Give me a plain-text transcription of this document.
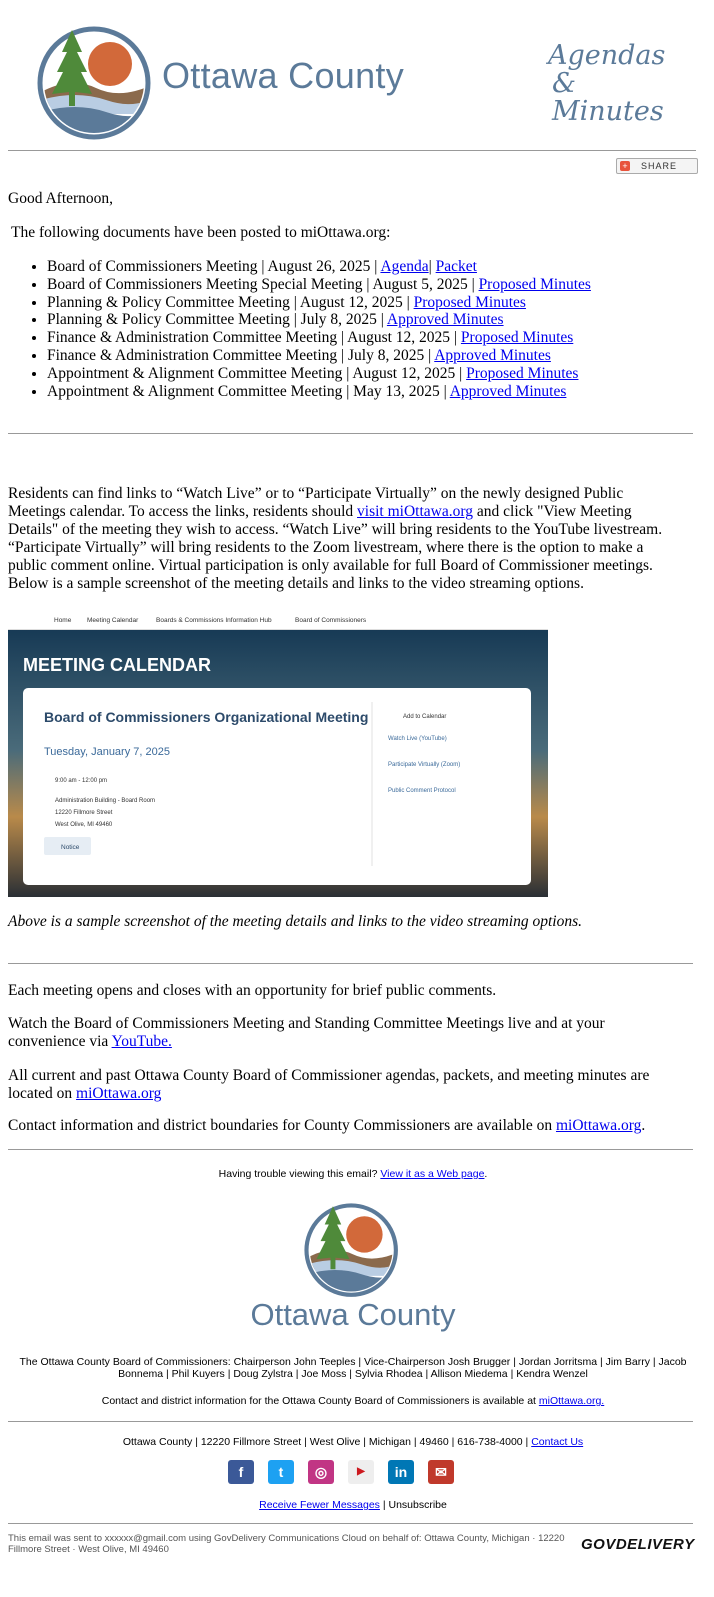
Ottawa County	Agendas
& Minutes
+ SHARE

Good Afternoon,

The following documents have been posted to miOttawa.org:

• Board of Commissioners Meeting | August 26, 2025 | Agenda| Packet
• Board of Commissioners Meeting Special Meeting | August 5, 2025 | Proposed Minutes
• Planning & Policy Committee Meeting | August 12, 2025 | Proposed Minutes
• Planning & Policy Committee Meeting | July 8, 2025 | Approved Minutes
• Finance & Administration Committee Meeting | August 12, 2025 | Proposed Minutes
• Finance & Administration Committee Meeting | July 8, 2025 | Approved Minutes
• Appointment & Alignment Committee Meeting | August 12, 2025 | Proposed Minutes
• Appointment & Alignment Committee Meeting | May 13, 2025 | Approved Minutes

Residents can find links to “Watch Live” or to “Participate Virtually” on the newly designed Public Meetings calendar. To access the links, residents should visit miOttawa.org and click "View Meeting Details" of the meeting they wish to access. “Watch Live” will bring residents to the YouTube livestream. “Participate Virtually” will bring residents to the Zoom livestream, where there is the option to make a public comment online. Virtual participation is only available for full Board of Commissioner meetings. Below is a sample screenshot of the meeting details and links to the video streaming options.

Home Meeting Calendar	Boards & Commissions Information Hub	Board of Commissioners
MEETING CALENDAR
Board of Commissioners Organizational Meeting
Tuesday, January 7, 2025
9:00 am - 12:00 pm
Administration Building - Board Room
12220 Fillmore Street
West Olive, MI 49460
Notice
Add to Calendar
Watch Live (YouTube)
Participate Virtually (Zoom)
Public Comment Protocol

Above is a sample screenshot of the meeting details and links to the video streaming options.

Each meeting opens and closes with an opportunity for brief public comments.

Watch the Board of Commissioners Meeting and Standing Committee Meetings live and at your convenience via YouTube.

All current and past Ottawa County Board of Commissioner agendas, packets, and meeting minutes are located on miOttawa.org

Contact information and district boundaries for County Commissioners are available on miOttawa.org.

Having trouble viewing this email? View it as a Web page.
Ottawa County
The Ottawa County Board of Commissioners: Chairperson John Teeples | Vice-Chairperson Josh Brugger | Jordan Jorritsma | Jim Barry | Jacob Bonnema | Phil Kuyers | Doug Zylstra | Joe Moss | Sylvia Rhodea | Allison Miedema | Kendra Wenzel
Contact and district information for the Ottawa County Board of Commissioners is available at miOttawa.org.
Ottawa County | 12220 Fillmore Street | West Olive | Michigan | 49460 | 616-738-4000 | Contact Us
f	t ◎	▶ in ✉
Receive Fewer Messages | Unsubscribe
This email was sent to xxxxxx@gmail.com using GovDelivery Communications Cloud on behalf of: Ottawa County, Michigan · 12220 Fillmore Street · West Olive, MI 49460	GOVDELIVERY
